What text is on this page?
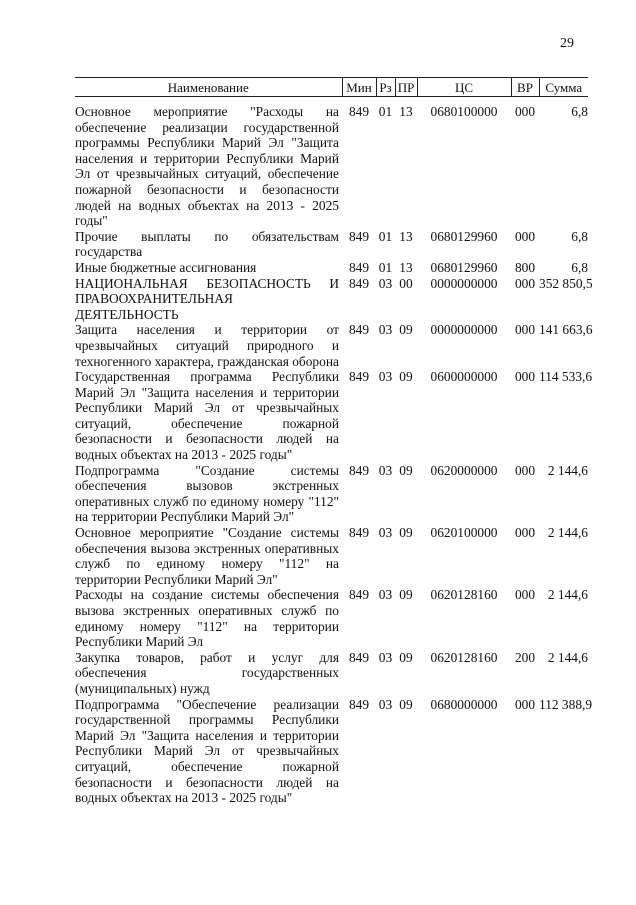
29
Наименование	Мин	Рз	ПР	ЦС	ВР	Сумма
Основное мероприятие "Расходы на обеспечение реализации государственной программы Республики Марий Эл "Защита населения и территории Республики Марий Эл от чрезвычайных ситуаций, обеспечение пожарной безопасности и безопасности людей на водных объектах на 2013 - 2025 годы"	849	01	13	0680100000	000	6,8
Прочие выплаты по обязательствам государства	849	01	13	0680129960	000	6,8
Иные бюджетные ассигнования	849	01	13	0680129960	800	6,8
НАЦИОНАЛЬНАЯ БЕЗОПАСНОСТЬ И ПРАВООХРАНИТЕЛЬНАЯ ДЕЯТЕЛЬНОСТЬ	849	03	00	0000000000	000	352 850,5
Защита населения и территории от чрезвычайных ситуаций природного и техногенного характера, гражданская оборона	849	03	09	0000000000	000	141 663,6
Государственная программа Республики Марий Эл "Защита населения и территории Республики Марий Эл от чрезвычайных ситуаций, обеспечение пожарной безопасности и безопасности людей на водных объектах на 2013 - 2025 годы"	849	03	09	0600000000	000	114 533,6
Подпрограмма "Создание системы обеспечения вызовов экстренных оперативных служб по единому номеру "112" на территории Республики Марий Эл"	849	03	09	0620000000	000	2 144,6
Основное мероприятие "Создание системы обеспечения вызова экстренных оперативных служб по единому номеру "112" на территории Республики Марий Эл"	849	03	09	0620100000	000	2 144,6
Расходы на создание системы обеспечения вызова экстренных оперативных служб по единому номеру "112" на территории Республики Марий Эл	849	03	09	0620128160	000	2 144,6
Закупка товаров, работ и услуг для обеспечения государственных (муниципальных) нужд	849	03	09	0620128160	200	2 144,6
Подпрограмма "Обеспечение реализации государственной программы Республики Марий Эл "Защита населения и территории Республики Марий Эл от чрезвычайных ситуаций, обеспечение пожарной безопасности и безопасности людей на водных объектах на 2013 - 2025 годы"	849	03	09	0680000000	000	112 388,9
